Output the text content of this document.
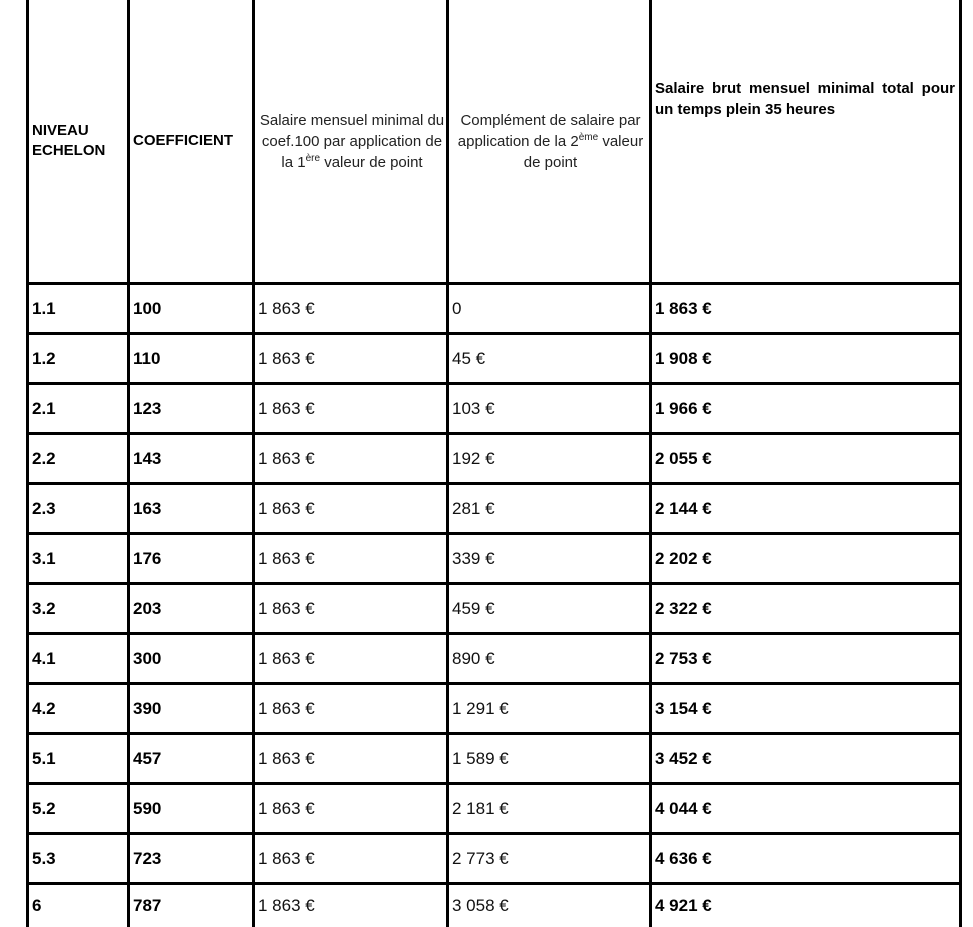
NIVEAU
ECHELON	COEFFICIENT	Salaire mensuel minimal du coef.100 par application de la 1ère valeur de point	Complément de salaire par application de la 2ème valeur de point	Salaire brut mensuel minimal total pour un temps plein 35 heures

1.1	100	1 863 €	0	1 863 €
1.2	110	1 863 €	45 €	1 908 €
2.1	123	1 863 €	103 €	1 966 €
2.2	143	1 863 €	192 €	2 055 €
2.3	163	1 863 €	281 €	2 144 €
3.1	176	1 863 €	339 €	2 202 €
3.2	203	1 863 €	459 €	2 322 €
4.1	300	1 863 €	890 €	2 753 €
4.2	390	1 863 €	1 291 €	3 154 €
5.1	457	1 863 €	1 589 €	3 452 €
5.2	590	1 863 €	2 181 €	4 044 €
5.3	723	1 863 €	2 773 €	4 636 €
6	787	1 863 €	3 058 €	4 921 €
